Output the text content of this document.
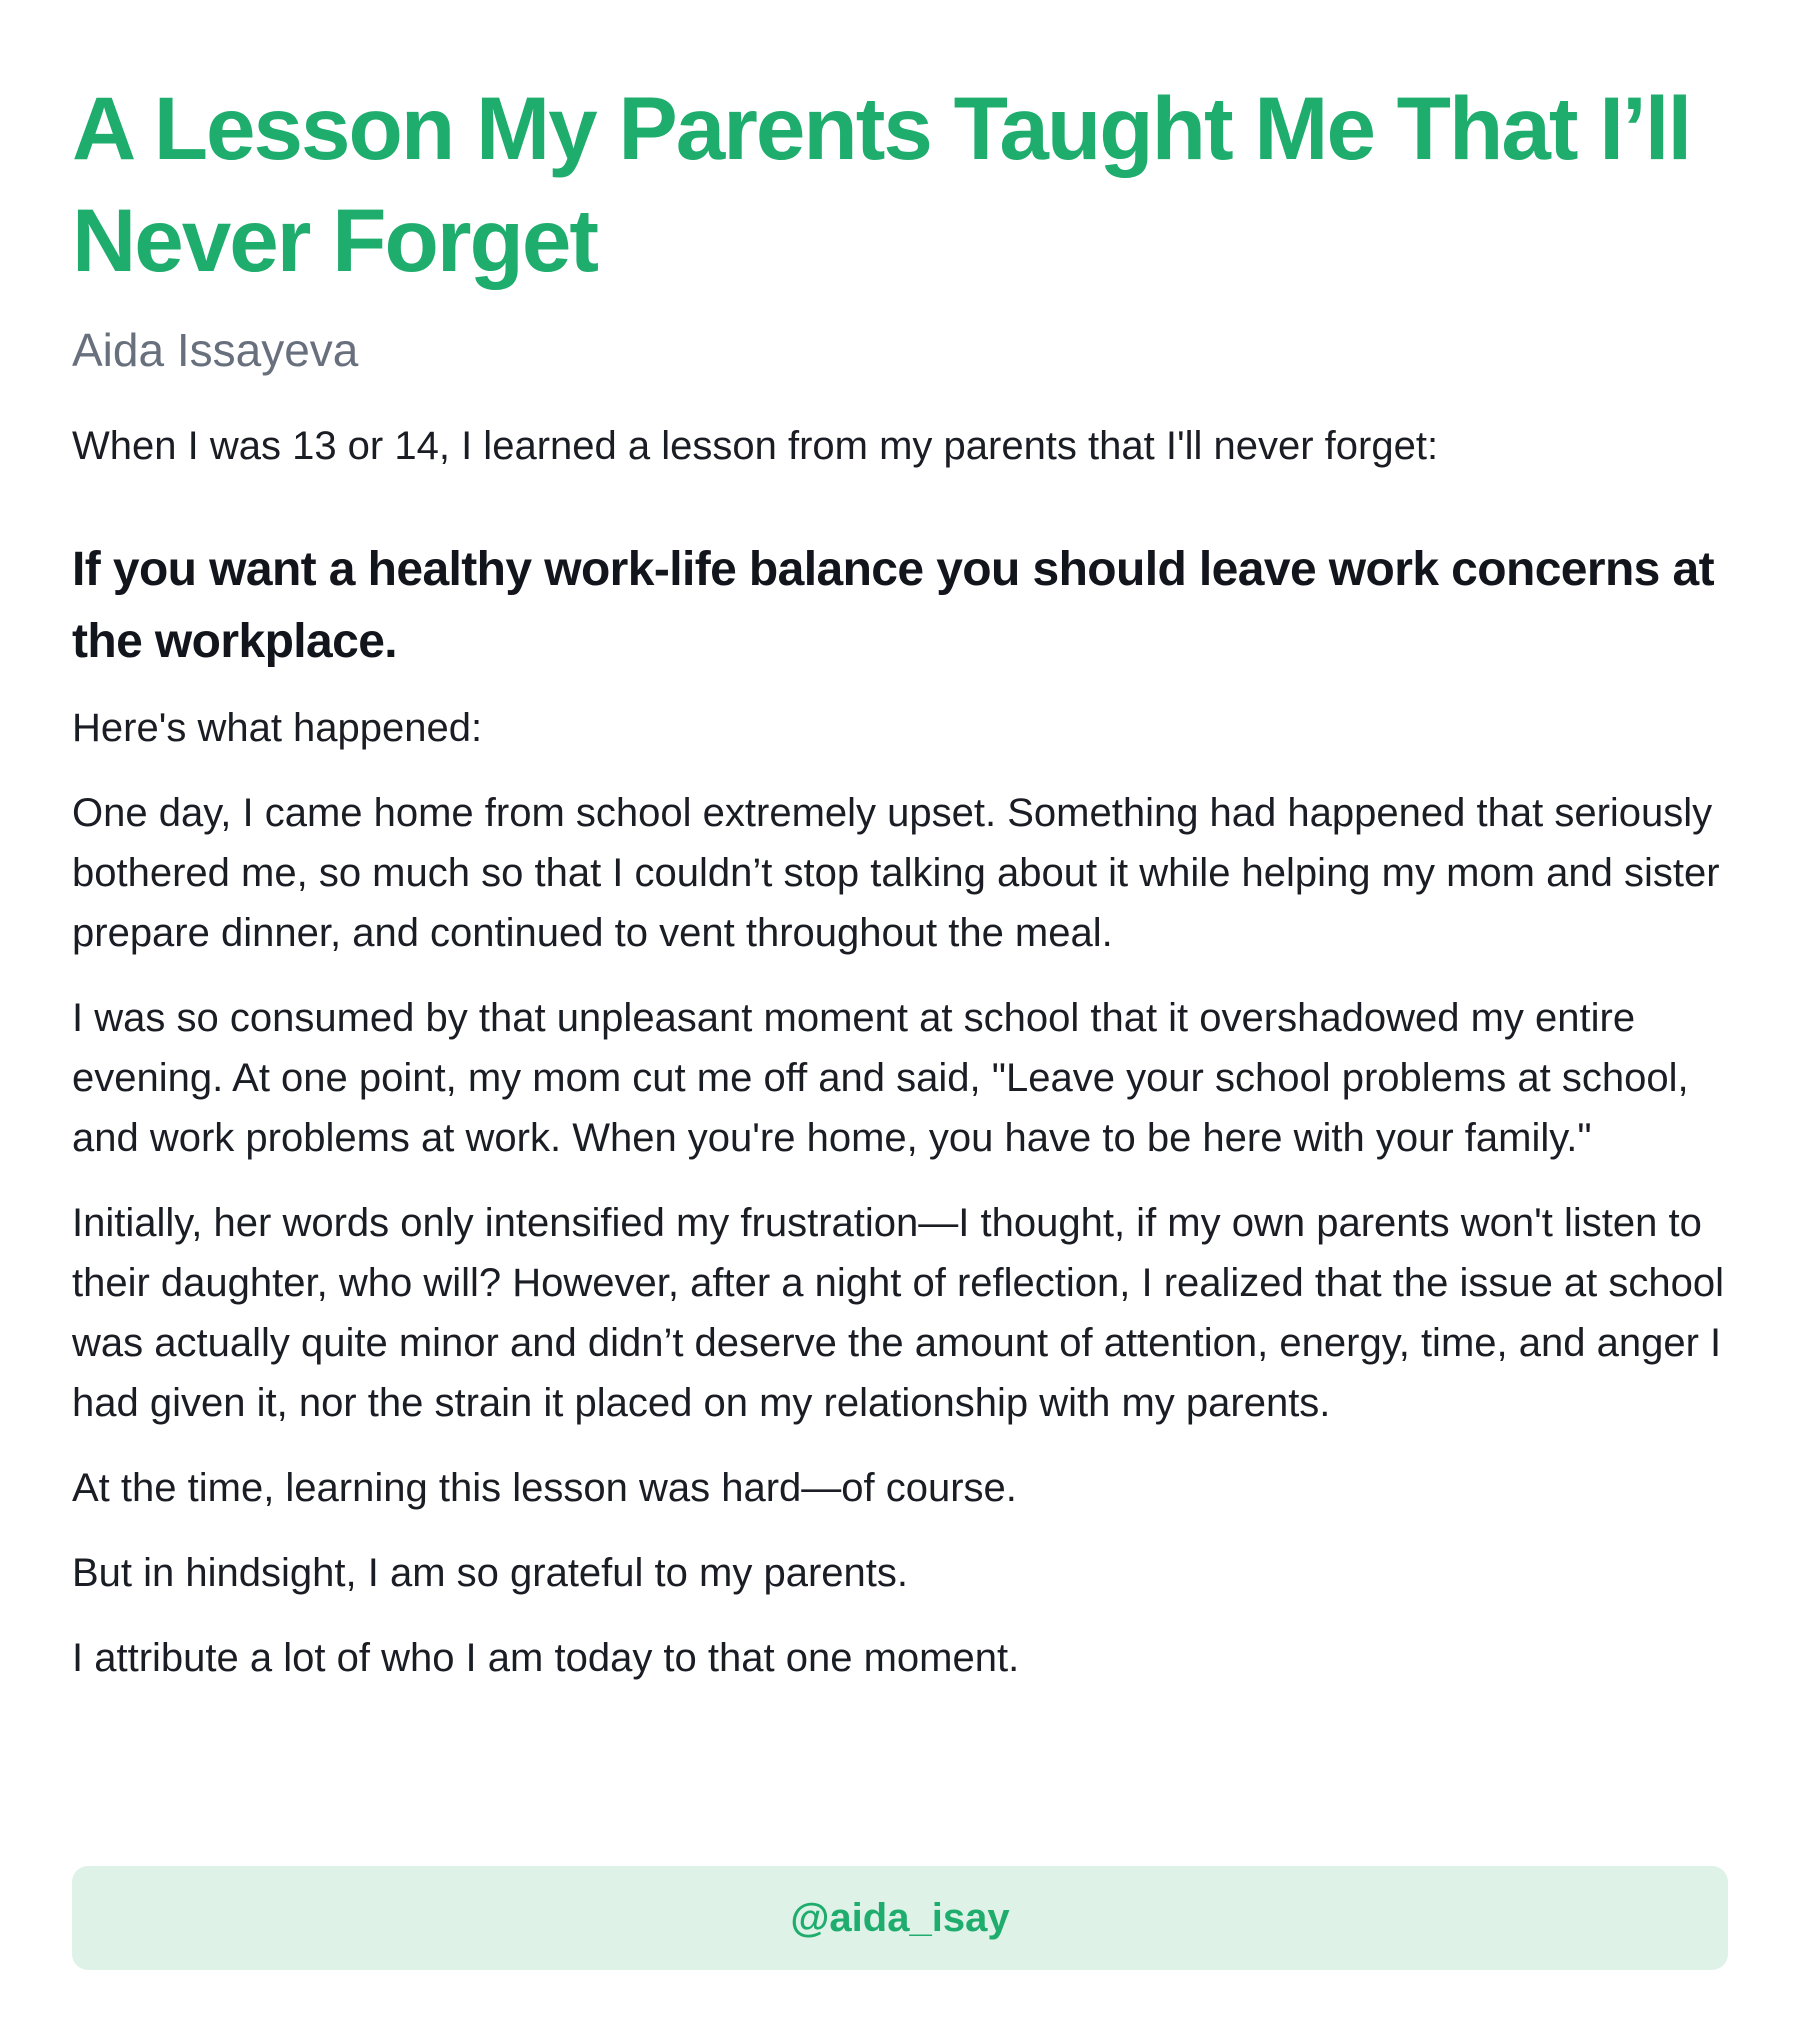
A Lesson My Parents Taught Me That I’ll Never Forget
Aida Issayeva

When I was 13 or 14, I learned a lesson from my parents that I'll never forget:

If you want a healthy work-life balance you should leave work concerns at the workplace.

Here's what happened:

One day, I came home from school extremely upset. Something had happened that seriously bothered me, so much so that I couldn’t stop talking about it while helping my mom and sister prepare dinner, and continued to vent throughout the meal.

I was so consumed by that unpleasant moment at school that it overshadowed my entire evening. At one point, my mom cut me off and said, "Leave your school problems at school, and work problems at work. When you're home, you have to be here with your family."

Initially, her words only intensified my frustration—I thought, if my own parents won't listen to their daughter, who will? However, after a night of reflection, I realized that the issue at school was actually quite minor and didn’t deserve the amount of attention, energy, time, and anger I had given it, nor the strain it placed on my relationship with my parents.

At the time, learning this lesson was hard—of course.

But in hindsight, I am so grateful to my parents.

I attribute a lot of who I am today to that one moment.

@aida_isay
